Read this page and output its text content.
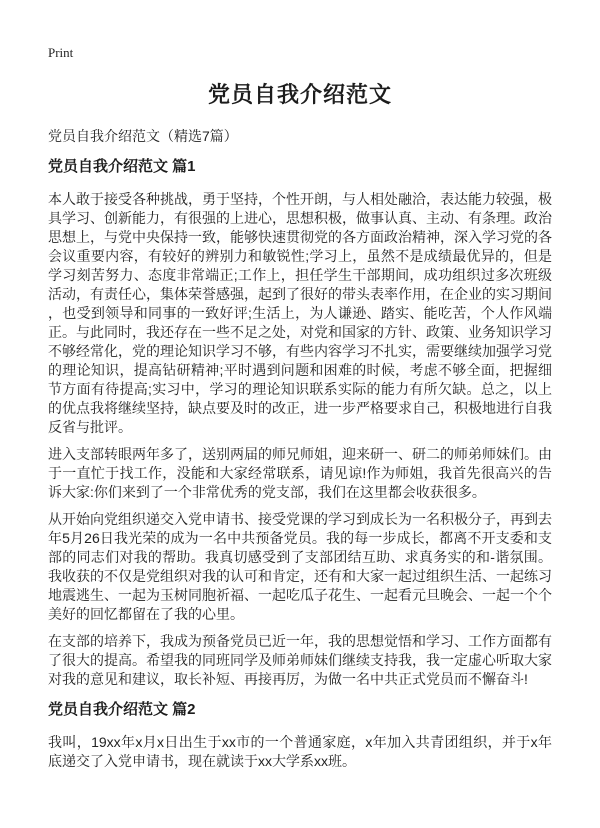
Print
党员自我介绍范文

党员自我介绍范文（精选7篇）

党员自我介绍范文 篇1

本人敢于接受各种挑战，勇于坚持，个性开朗，与人相处融洽，表达能力较强，极具学习、创新能力，有很强的上进心，思想积极，做事认真、主动、有条理。政治思想上，与党中央保持一致，能够快速贯彻党的各方面政治精神，深入学习党的各会议重要内容，有较好的辨别力和敏锐性;学习上，虽然不是成绩最优异的，但是学习刻苦努力、态度非常端正;工作上，担任学生干部期间，成功组织过多次班级活动，有责任心，集体荣誉感强，起到了很好的带头表率作用，在企业的实习期间，也受到领导和同事的一致好评;生活上，为人谦逊、踏实、能吃苦，个人作风端正。与此同时，我还存在一些不足之处，对党和国家的方针、政策、业务知识学习不够经常化，党的理论知识学习不够，有些内容学习不扎实，需要继续加强学习党的理论知识，提高钻研精神;平时遇到问题和困难的时候，考虑不够全面，把握细节方面有待提高;实习中，学习的理论知识联系实际的能力有所欠缺。总之，以上的优点我将继续坚持，缺点要及时的改正，进一步严格要求自己，积极地进行自我反省与批评。

进入支部转眼两年多了，送别两届的师兄师姐，迎来研一、研二的师弟师妹们。由于一直忙于找工作，没能和大家经常联系，请见谅!作为师姐，我首先很高兴的告诉大家:你们来到了一个非常优秀的党支部，我们在这里都会收获很多。

从开始向党组织递交入党申请书、接受党课的学习到成长为一名积极分子，再到去年5月26日我光荣的成为一名中共预备党员。我的每一步成长，都离不开支委和支部的同志们对我的帮助。我真切感受到了支部团结互助、求真务实的和-谐氛围。我收获的不仅是党组织对我的认可和肯定，还有和大家一起过组织生活、一起练习地震逃生、一起为玉树同胞祈福、一起吃瓜子花生、一起看元旦晚会、一起一个个美好的回忆都留在了我的心里。

在支部的培养下，我成为预备党员已近一年，我的思想觉悟和学习、工作方面都有了很大的提高。希望我的同班同学及师弟师妹们继续支持我，我一定虚心听取大家对我的意见和建议，取长补短、再接再厉，为做一名中共正式党员而不懈奋斗!

党员自我介绍范文 篇2

我叫，19xx年x月x日出生于xx市的一个普通家庭，x年加入共青团组织，并于x年底递交了入党申请书，现在就读于xx大学系xx班。
